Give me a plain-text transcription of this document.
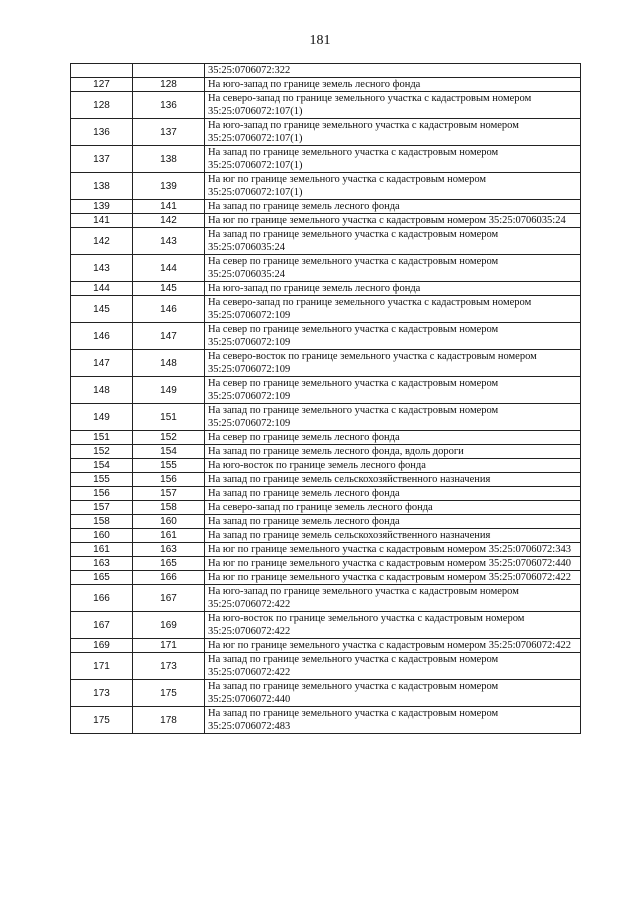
181
		35:25:0706072:322
127	128	На юго-запад по границе земель лесного фонда
128	136	На северо-запад по границе земельного участка с кадастровым номером 35:25:0706072:107(1)
136	137	На юго-запад по границе земельного участка с кадастровым номером 35:25:0706072:107(1)
137	138	На запад по границе земельного участка с кадастровым номером 35:25:0706072:107(1)
138	139	На юг по границе земельного участка с кадастровым номером 35:25:0706072:107(1)
139	141	На запад по границе земель лесного фонда
141	142	На юг по границе земельного участка с кадастровым номером 35:25:0706035:24
142	143	На запад по границе земельного участка с кадастровым номером 35:25:0706035:24
143	144	На север по границе земельного участка с кадастровым номером 35:25:0706035:24
144	145	На юго-запад по границе земель лесного фонда
145	146	На северо-запад по границе земельного участка с кадастровым номером 35:25:0706072:109
146	147	На север по границе земельного участка с кадастровым номером 35:25:0706072:109
147	148	На северо-восток по границе земельного участка с кадастровым номером 35:25:0706072:109
148	149	На север по границе земельного участка с кадастровым номером 35:25:0706072:109
149	151	На запад по границе земельного участка с кадастровым номером 35:25:0706072:109
151	152	На север по границе земель лесного фонда
152	154	На запад по границе земель лесного фонда, вдоль дороги
154	155	На юго-восток по границе земель лесного фонда
155	156	На запад по границе земель сельскохозяйственного назначения
156	157	На запад по границе земель лесного фонда
157	158	На северо-запад по границе земель лесного фонда
158	160	На запад по границе земель лесного фонда
160	161	На запад по границе земель сельскохозяйственного назначения
161	163	На юг по границе земельного участка с кадастровым номером 35:25:0706072:343
163	165	На юг по границе земельного участка с кадастровым номером 35:25:0706072:440
165	166	На юг по границе земельного участка с кадастровым номером 35:25:0706072:422
166	167	На юго-запад по границе земельного участка с кадастровым номером 35:25:0706072:422
167	169	На юго-восток по границе земельного участка с кадастровым номером 35:25:0706072:422
169	171	На юг по границе земельного участка с кадастровым номером 35:25:0706072:422
171	173	На запад по границе земельного участка с кадастровым номером 35:25:0706072:422
173	175	На запад по границе земельного участка с кадастровым номером 35:25:0706072:440
175	178	На запад по границе земельного участка с кадастровым номером 35:25:0706072:483
